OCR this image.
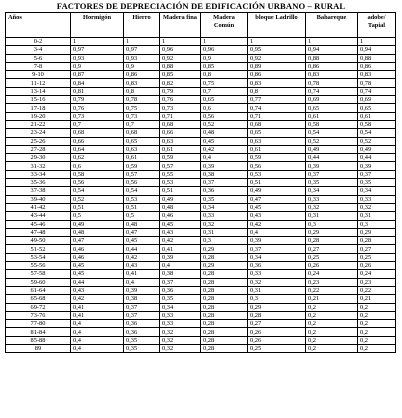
FACTORES DE DEPRECIACIÓN DE EDIFICACIÓN URBANO – RURAL
Años	Hormigón	Hierro	Madera fina	Madera Común	bloque Ladrillo	Bahareque	adobe/ Tapial
0-2	1	1	1	1	1	1	1
3-4	0,97	0,97	0,96	0,96	0,95	0,94	0,94
5-6	0,93	0,93	0,92	0,9	0,92	0,88	0,88
7-8	0,9	0,9	0,88	0,85	0,89	0,86	0,86
9-10	0,87	0,86	0,85	0,8	0,86	0,83	0,83
11-12	0,84	0,83	0,82	0,75	0,83	0,78	0,78
13-14	0,81	0,8	0,79	0,7	0,8	0,74	0,74
15-16	0,79	0,78	0,76	0,65	0,77	0,69	0,69
17-18	0,76	0,75	0,73	0,6	0,74	0,65	0,65
19-20	0,73	0,73	0,71	0,56	0,71	0,61	0,61
21-22	0,7	0,7	0,68	0,52	0,68	0,58	0,58
23-24	0,68	0,68	0,66	0,48	0,65	0,54	0,54
25-26	0,66	0,65	0,63	0,45	0,63	0,52	0,52
27-28	0,64	0,63	0,61	0,42	0,61	0,49	0,49
29-30	0,62	0,61	0,59	0,4	0,59	0,44	0,44
31-32	0,6	0,59	0,57	0,39	0,56	0,39	0,39
33-34	0,58	0,57	0,55	0,38	0,53	0,37	0,37
35-36	0,56	0,56	0,53	0,37	0,51	0,35	0,35
37-38	0,54	0,54	0,51	0,36	0,49	0,34	0,34
39-40	0,52	0,53	0,49	0,35	0,47	0,33	0,33
41-42	0,51	0,51	0,48	0,34	0,45	0,32	0,32
43-44	0,5	0,5	0,46	0,33	0,43	0,31	0,31
45-46	0,49	0,48	0,45	0,32	0,42	0,3	0,3
47-48	0,48	0,47	0,43	0,31	0,4	0,29	0,29
49-50	0,47	0,45	0,42	0,3	0,39	0,28	0,28
51-52	0,46	0,44	0,41	0,29	0,37	0,27	0,27
53-54	0,46	0,42	0,39	0,28	0,34	0,25	0,25
55-56	0,45	0,43	0,4	0,29	0,36	0,26	0,26
57-58	0,45	0,41	0,38	0,28	0,33	0,24	0,24
59-60	0,44	0,4	0,37	0,28	0,32	0,23	0,23
61-64	0,43	0,39	0,36	0,28	0,31	0,22	0,22
65-68	0,42	0,38	0,35	0,28	0,3	0,21	0,21
69-72	0,41	0,37	0,34	0,28	0,29	0,2	0,2
73-76	0,41	0,37	0,33	0,28	0,28	0,2	0,2
77-80	0,4	0,36	0,33	0,28	0,27	0,2	0,2
81-84	0,4	0,36	0,32	0,28	0,26	0,2	0,2
85-88	0,4	0,35	0,32	0,28	0,26	0,2	0,2
89	0,4	0,35	0,32	0,28	0,25	0,2	0,2
